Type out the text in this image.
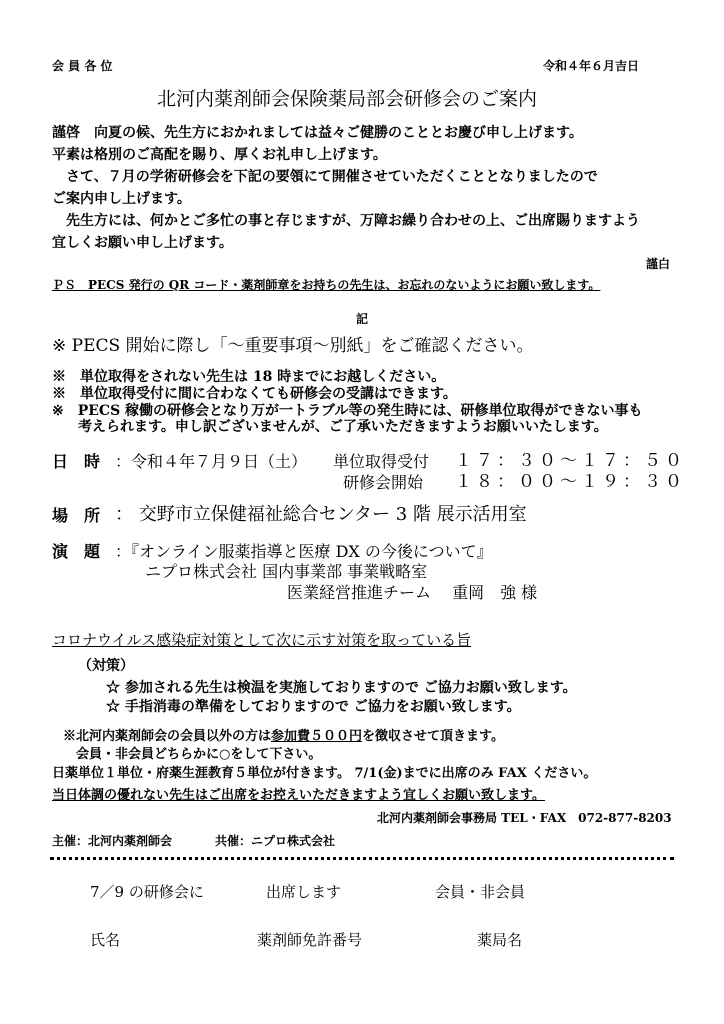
会 員 各 位	令和４年６月吉日
北河内薬剤師会保険薬局部会研修会のご案内
謹啓　向夏の候、先生方におかれましては益々ご健勝のこととお慶び申し上げます。
平素は格別のご高配を賜り、厚くお礼申し上げます。
　さて、７月の学術研修会を下記の要領にて開催させていただくこととなりましたので
ご案内申し上げます。
　先生方には、何かとご多忙の事と存じますが、万障お繰り合わせの上、ご出席賜りますよう
宜しくお願い申し上げます。
謹白
ＰＳ　PECS 発行の QR コード・薬剤師章をお持ちの先生は、お忘れのないようにお願い致します。
記
※ PECS 開始に際し「～重要事項～別紙」をご確認ください。
※　単位取得をされない先生は 18 時までにお越しください。
※　単位取得受付に間に合わなくても研修会の受講はできます。
※　PECS 稼働の研修会となり万が一トラブル等の発生時には、研修単位取得ができない事も
考えられます。申し訳ございませんが、ご了承いただきますようお願いいたします。
日　時 ：令和４年７月９日（土） 単位取得受付 １７：３０～１７：５０
研修会開始 １８：００～１９：３０
場　所 ： 交野市立保健福祉総合センター 3 階 展示活用室
演　題 ：『オンライン服薬指導と医療 DX の今後について』
ニプロ株式会社 国内事業部 事業戦略室
医業経営推進チーム　 重岡　強 様
コロナウイルス感染症対策として次に示す対策を取っている旨
（対策）
☆ 参加される先生は検温を実施しておりますので ご協力お願い致します。
☆ 手指消毒の準備をしておりますので ご協力をお願い致します。
※北河内薬剤師会の会員以外の方は参加費５００円を徴収させて頂きます。
会員・非会員どちらかに○をして下さい。
日薬単位１単位・府薬生涯教育５単位が付きます。 7/1(金)までに出席のみ FAX ください。
当日体調の優れない先生はご出席をお控えいただきますよう宜しくお願い致します。
北河内薬剤師会事務局 TEL・FAX　072-877-8203
主催：北河内薬剤師会	共催：ニプロ株式会社
7／9 の研修会に	出席します	会員・非会員
氏名	薬剤師免許番号	薬局名
